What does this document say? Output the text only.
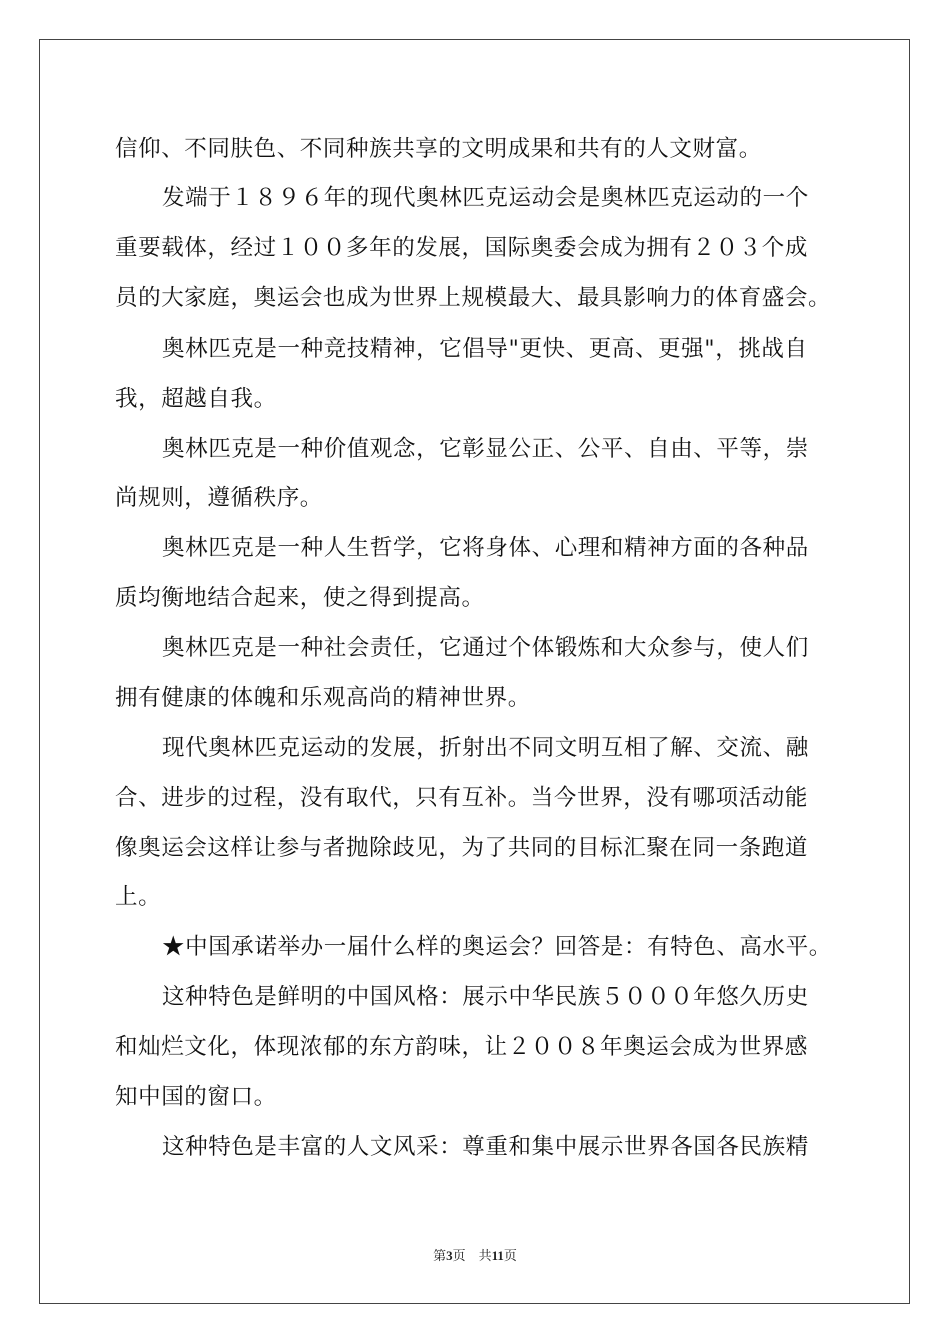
信仰、不同肤色、不同种族共享的文明成果和共有的人文财富。
发端于１８９６年的现代奥林匹克运动会是奥林匹克运动的一个
重要载体，经过１００多年的发展，国际奥委会成为拥有２０３个成
员的大家庭，奥运会也成为世界上规模最大、最具影响力的体育盛会。
奥林匹克是一种竞技精神，它倡导"更快、更高、更强"，挑战自
我，超越自我。
奥林匹克是一种价值观念，它彰显公正、公平、自由、平等，崇
尚规则，遵循秩序。
奥林匹克是一种人生哲学，它将身体、心理和精神方面的各种品
质均衡地结合起来，使之得到提高。
奥林匹克是一种社会责任，它通过个体锻炼和大众参与，使人们
拥有健康的体魄和乐观高尚的精神世界。
现代奥林匹克运动的发展，折射出不同文明互相了解、交流、融
合、进步的过程，没有取代，只有互补。当今世界，没有哪项活动能
像奥运会这样让参与者抛除歧见，为了共同的目标汇聚在同一条跑道
上。
★中国承诺举办一届什么样的奥运会？回答是：有特色、高水平。
这种特色是鲜明的中国风格：展示中华民族５０００年悠久历史
和灿烂文化，体现浓郁的东方韵味，让２００８年奥运会成为世界感
知中国的窗口。
这种特色是丰富的人文风采：尊重和集中展示世界各国各民族精
第3页　共11页
